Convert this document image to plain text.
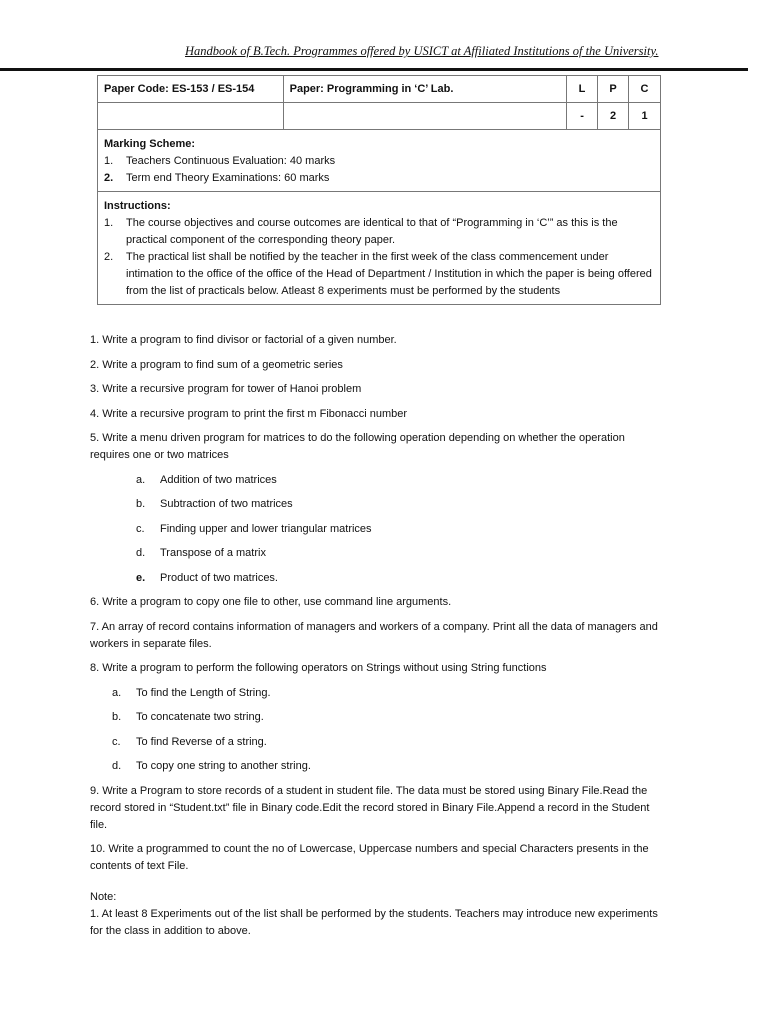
Handbook of B.Tech. Programmes offered by USICT at Affiliated Institutions of the University.
Paper Code: ES-153 / ES-154	Paper: Programming in ‘C’ Lab.	L	P	C
		-	2	1

Marking Scheme:
1. Teachers Continuous Evaluation: 40 marks
2. Term end Theory Examinations: 60 marks				

Instructions:
1. The course objectives and course outcomes are identical to that of “Programming in ‘C’” as this is the practical component of the corresponding theory paper.
2. The practical list shall be notified by the teacher in the first week of the class commencement under intimation to the office of the office of the Head of Department / Institution in which the paper is being offered from the list of practicals below. Atleast 8 experiments must be performed by the students				
1. Write a program to find divisor or factorial of a given number.
2. Write a program to find sum of a geometric series
3. Write a recursive program for tower of Hanoi problem
4. Write a recursive program to print the first m Fibonacci number
5. Write a menu driven program for matrices to do the following operation depending on whether the operation requires one or two matrices
a.	Addition of two matrices
b.	Subtraction of two matrices
c.	Finding upper and lower triangular matrices
d.	Transpose of a matrix
e.	Product of two matrices.
6. Write a program to copy one file to other, use command line arguments.
7. An array of record contains information of managers and workers of a company. Print all the data of managers and workers in separate files.
8. Write a program to perform the following operators on Strings without using String functions
a.	To find the Length of String.
b.	To concatenate two string.
c.	To find Reverse of a string.
d.	To copy one string to another string.
9. Write a Program to store records of a student in student file. The data must be stored using Binary File.Read the record stored in “Student.txt” file in Binary code.Edit the record stored in Binary File.Append a record in the Student file.
10. Write a programmed to count the no of Lowercase, Uppercase numbers and special Characters presents in the contents of text File.
Note:
1. At least 8 Experiments out of the list shall be performed by the students. Teachers may introduce new experiments for the class in addition to above.
